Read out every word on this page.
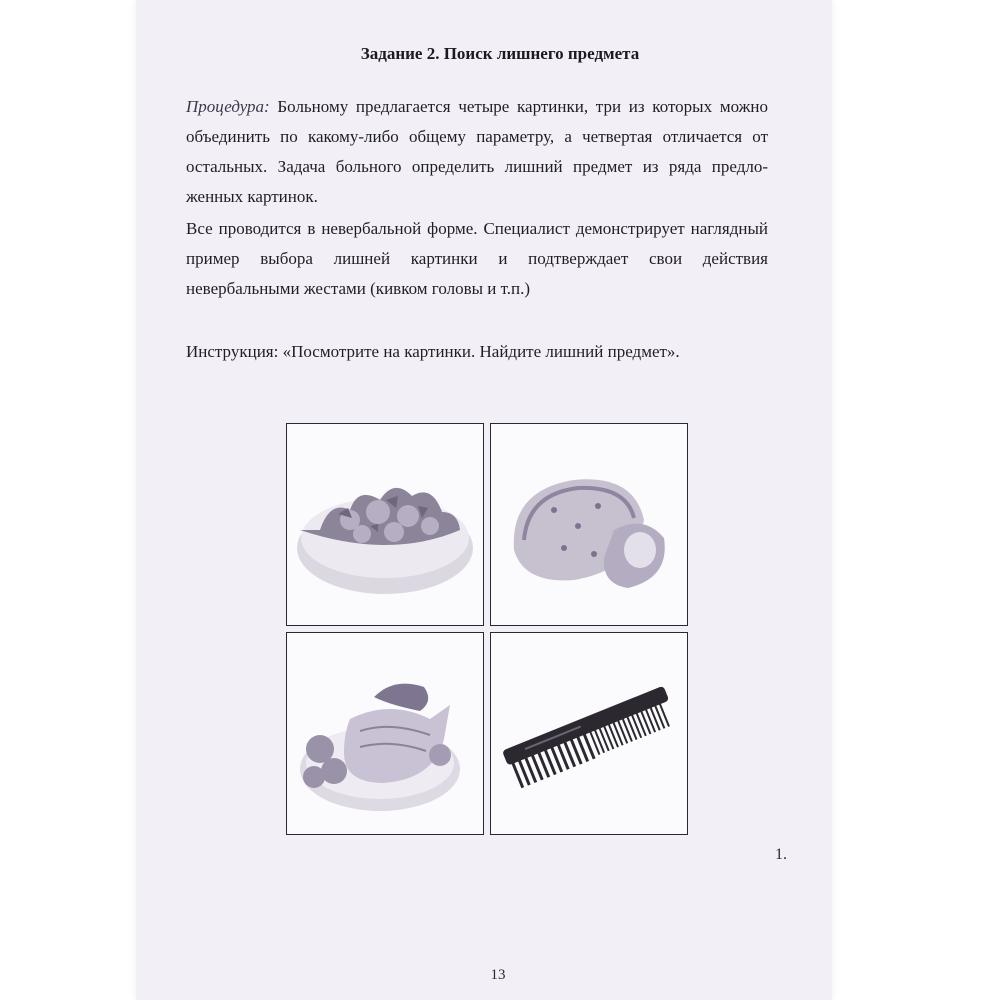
Задание 2. Поиск лишнего предмета
Процедура: Больному предлагается четыре картинки, три из которых можно объединить по какому-либо общему параметру, а четвертая отличается от остальных. Задача больного определить лишний предмет из ряда предло-женных картинок.
Все проводится в невербальной форме. Специалист демонстрирует наглядный пример выбора лишней картинки и подтверждает свои действия невербальными жестами (кивком головы и т.п.)
Инструкция: «Посмотрите на картинки. Найдите лишний предмет».
1.
13
